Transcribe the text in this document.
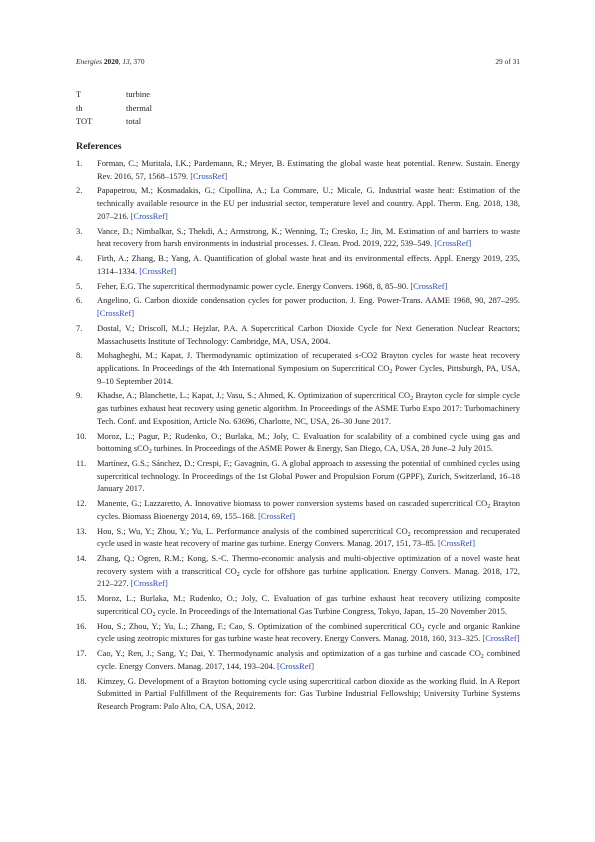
Energies 2020, 13, 370	29 of 31
T	turbine
th	thermal
TOT	total
References
1.	Forman, C.; Muritala, I.K.; Pardemann, R.; Meyer, B. Estimating the global waste heat potential. Renew. Sustain. Energy Rev. 2016, 57, 1568–1579. [CrossRef]
2.	Papapetrou, M.; Kosmadakis, G.; Cipollina, A.; La Commare, U.; Micale, G. Industrial waste heat: Estimation of the technically available resource in the EU per industrial sector, temperature level and country. Appl. Therm. Eng. 2018, 138, 207–216. [CrossRef]
3.	Vance, D.; Nimbalkar, S.; Thekdi, A.; Armstrong, K.; Wenning, T.; Cresko, J.; Jin, M. Estimation of and barriers to waste heat recovery from harsh environments in industrial processes. J. Clean. Prod. 2019, 222, 539–549. [CrossRef]
4.	Firth, A.; Zhang, B.; Yang, A. Quantification of global waste heat and its environmental effects. Appl. Energy 2019, 235, 1314–1334. [CrossRef]
5.	Feher, E.G. The supercritical thermodynamic power cycle. Energy Convers. 1968, 8, 85–90. [CrossRef]
6.	Angelino, G. Carbon dioxide condensation cycles for power production. J. Eng. Power-Trans. AAME 1968, 90, 287–295. [CrossRef]
7.	Dostal, V.; Driscoll, M.J.; Hejzlar, P.A. A Supercritical Carbon Dioxide Cycle for Next Generation Nuclear Reactors; Massachusetts Institute of Technology: Cambridge, MA, USA, 2004.
8.	Mohagheghi, M.; Kapat, J. Thermodynamic optimization of recuperated s-CO2 Brayton cycles for waste heat recovery applications. In Proceedings of the 4th International Symposium on Supercritical $CO_2$ Power Cycles, Pittsburgh, PA, USA, 9–10 September 2014.
9.	Khadse, A.; Blanchette, L.; Kapat, J.; Vasu, S.; Ahmed, K. Optimization of supercritical $CO_2$ Brayton cycle for simple cycle gas turbines exhaust heat recovery using genetic algorithm. In Proceedings of the ASME Turbo Expo 2017: Turbomachinery Tech. Conf. and Exposition, Article No. 63696, Charlotte, NC, USA, 26–30 June 2017.
10.	Moroz, L.; Pagur, P.; Rudenko, O.; Burlaka, M.; Joly, C. Evaluation for scalability of a combined cycle using gas and bottoming sCO$_2$ turbines. In Proceedings of the ASME Power & Energy, San Diego, CA, USA, 28 June–2 July 2015.
11.	Martínez, G.S.; Sánchez, D.; Crespi, F.; Gavagnin, G. A global approach to assessing the potential of combined cycles using supercritical technology. In Proceedings of the 1st Global Power and Propulsion Forum (GPPF), Zurich, Switzerland, 16–18 January 2017.
12.	Manente, G.; Lazzaretto, A. Innovative biomass to power conversion systems based on cascaded supercritical $CO_2$ Brayton cycles. Biomass Bioenergy 2014, 69, 155–168. [CrossRef]
13.	Hou, S.; Wu, Y.; Zhou, Y.; Yu, L. Performance analysis of the combined supercritical $CO_2$ recompression and recuperated cycle used in waste heat recovery of marine gas turbine. Energy Convers. Manag. 2017, 151, 73–85. [CrossRef]
14.	Zhang, Q.; Ogren, R.M.; Kong, S.-C. Thermo-economic analysis and multi-objective optimization of a novel waste heat recovery system with a transcritical $CO_2$ cycle for offshore gas turbine application. Energy Convers. Manag. 2018, 172, 212–227. [CrossRef]
15.	Moroz, L.; Burlaka, M.; Rudenko, O.; Joly, C. Evaluation of gas turbine exhaust heat recovery utilizing composite supercritical $CO_2$ cycle. In Proceedings of the International Gas Turbine Congress, Tokyo, Japan, 15–20 November 2015.
16.	Hou, S.; Zhou, Y.; Yu, L.; Zhang, F.; Cao, S. Optimization of the combined supercritical $CO_2$ cycle and organic Rankine cycle using zeotropic mixtures for gas turbine waste heat recovery. Energy Convers. Manag. 2018, 160, 313–325. [CrossRef]
17.	Cao, Y.; Ren, J.; Sang, Y.; Dai, Y. Thermodynamic analysis and optimization of a gas turbine and cascade $CO_2$ combined cycle. Energy Convers. Manag. 2017, 144, 193–204. [CrossRef]
18.	Kimzey, G. Development of a Brayton bottoming cycle using supercritical carbon dioxide as the working fluid. In A Report Submitted in Partial Fulfillment of the Requirements for: Gas Turbine Industrial Fellowship; University Turbine Systems Research Program: Palo Alto, CA, USA, 2012.
